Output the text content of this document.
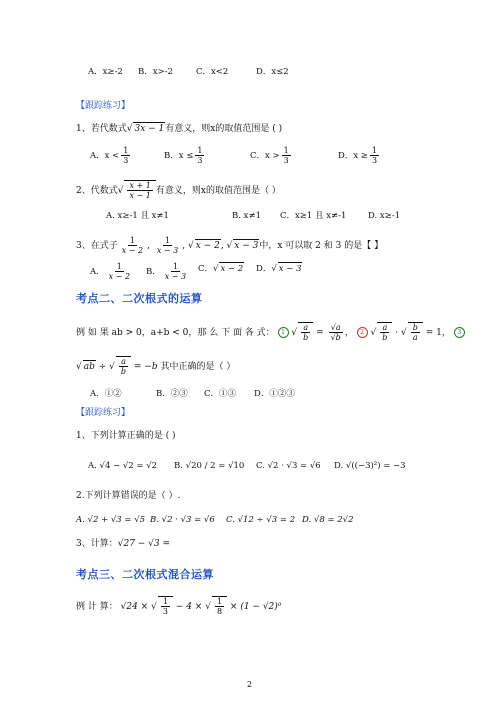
A．x≥-2 B．x>-2	C．x<2	D．x≤2
【跟踪练习】
1、若代数式√ 3x − 1有意义，则x的取值范围是 ( )
A．$x < \frac{1}{3}$	B．$x \le \frac{1}{3}$	C．$x > \frac{1}{3}$	D．$x \ge \frac{1}{3}$
2、代数式√ $\frac{x + 1}{x - 1}$ 有意义，则x的取值范围是（ ）
A. x≥-1 且 x≠1	B. x≠1 C．x≥1 且 x≠-1	D. x≥-1
3、在式子 $\frac{1}{x - 2}$ , $\frac{1}{x - 3}$ , √ x − 2, √ x − 3中，x 可以取 2 和 3 的是【 】
A． $\frac{1}{x - 2}$ B． $\frac{1}{x - 3}$ C．√ x − 2 D．√ x − 3
考点二、二次根式的运算
例 如 果 ab > 0，a+b < 0，那 么 下 面 各 式： 1 √ $\frac{a}{b} = \frac{√a}{√b}$ ， 2 √ $\frac{a}{b}$ · √ $\frac{b}{a} = 1$， 3
√ ab ÷ √ $\frac{a}{b} = -b$ 其中正确的是（ ）
A．①②	B．②③ C．①③ D．①②③
【跟踪练习】
1、下列计算正确的是 ( )
A. √4 − √2 = √2 B. √20 / 2 = √10 C. √2 · √3 = √6 D. √((−3)²) = −3
2.下列计算错误的是（ ）.
A. √2 + √3 = √5 B. √2 · √3 = √6 C. √12 ÷ √3 = 2 D. √8 = 2√2
3、计算：√27 − √3 =
考点三、二次根式混合运算
例 计 算： √24 × √ $\frac{1}{3} - 4$ × √ $\frac{1}{8} \times (1 - √2)^0$
2
